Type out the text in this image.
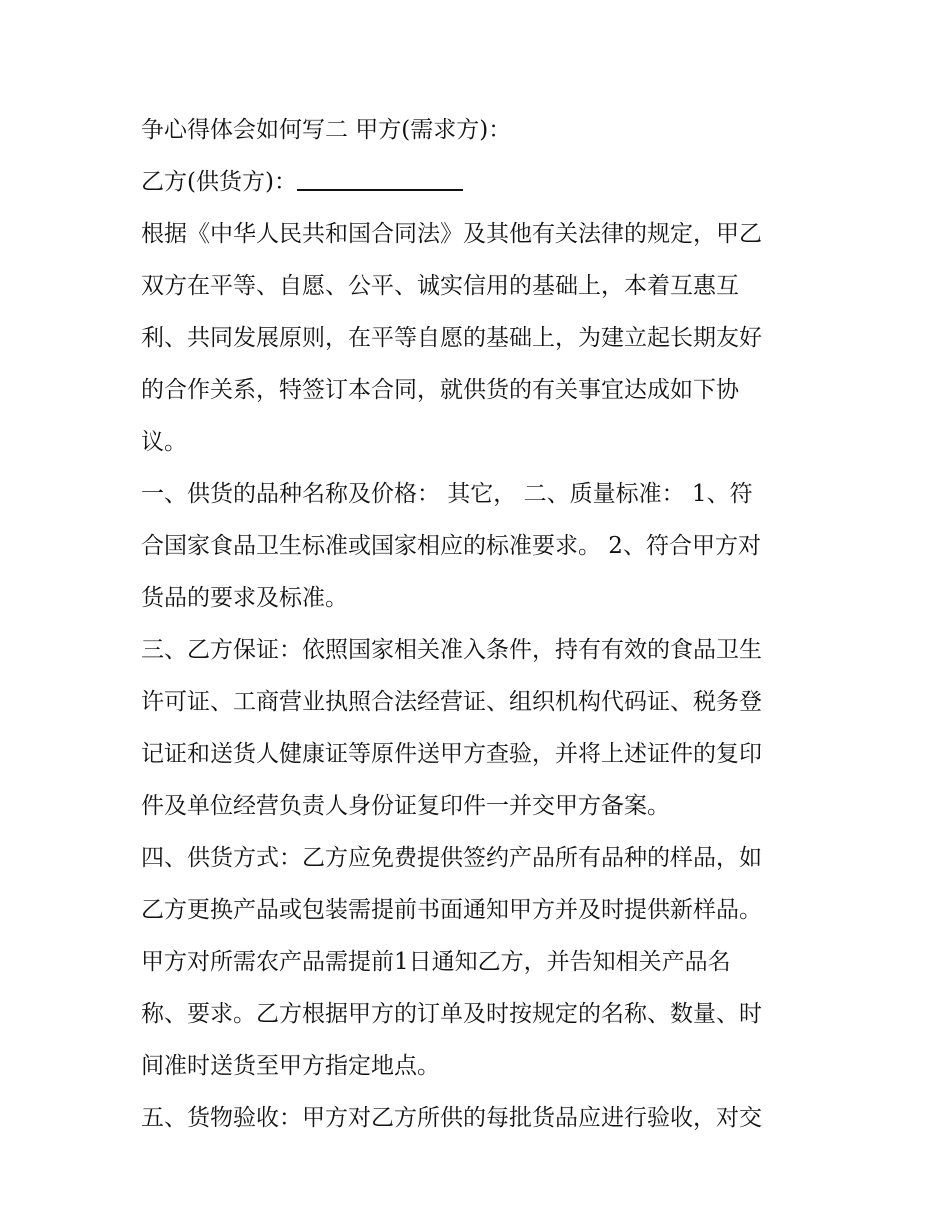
争心得体会如何写二 甲方(需求方)：
乙方(供货方)：
根据《中华人民共和国合同法》及其他有关法律的规定，甲乙
双方在平等、自愿、公平、诚实信用的基础上，本着互惠互
利、共同发展原则，在平等自愿的基础上，为建立起长期友好
的合作关系，特签订本合同，就供货的有关事宜达成如下协
议。
一、供货的品种名称及价格： 其它， 二、质量标准： 1、符
合国家食品卫生标准或国家相应的标准要求。 2、符合甲方对
货品的要求及标准。
三、乙方保证：依照国家相关准入条件，持有有效的食品卫生
许可证、工商营业执照合法经营证、组织机构代码证、税务登
记证和送货人健康证等原件送甲方查验，并将上述证件的复印
件及单位经营负责人身份证复印件一并交甲方备案。
四、供货方式：乙方应免费提供签约产品所有品种的样品，如
乙方更换产品或包装需提前书面通知甲方并及时提供新样品。
甲方对所需农产品需提前1日通知乙方，并告知相关产品名
称、要求。乙方根据甲方的订单及时按规定的名称、数量、时
间准时送货至甲方指定地点。
五、货物验收：甲方对乙方所供的每批货品应进行验收，对交
